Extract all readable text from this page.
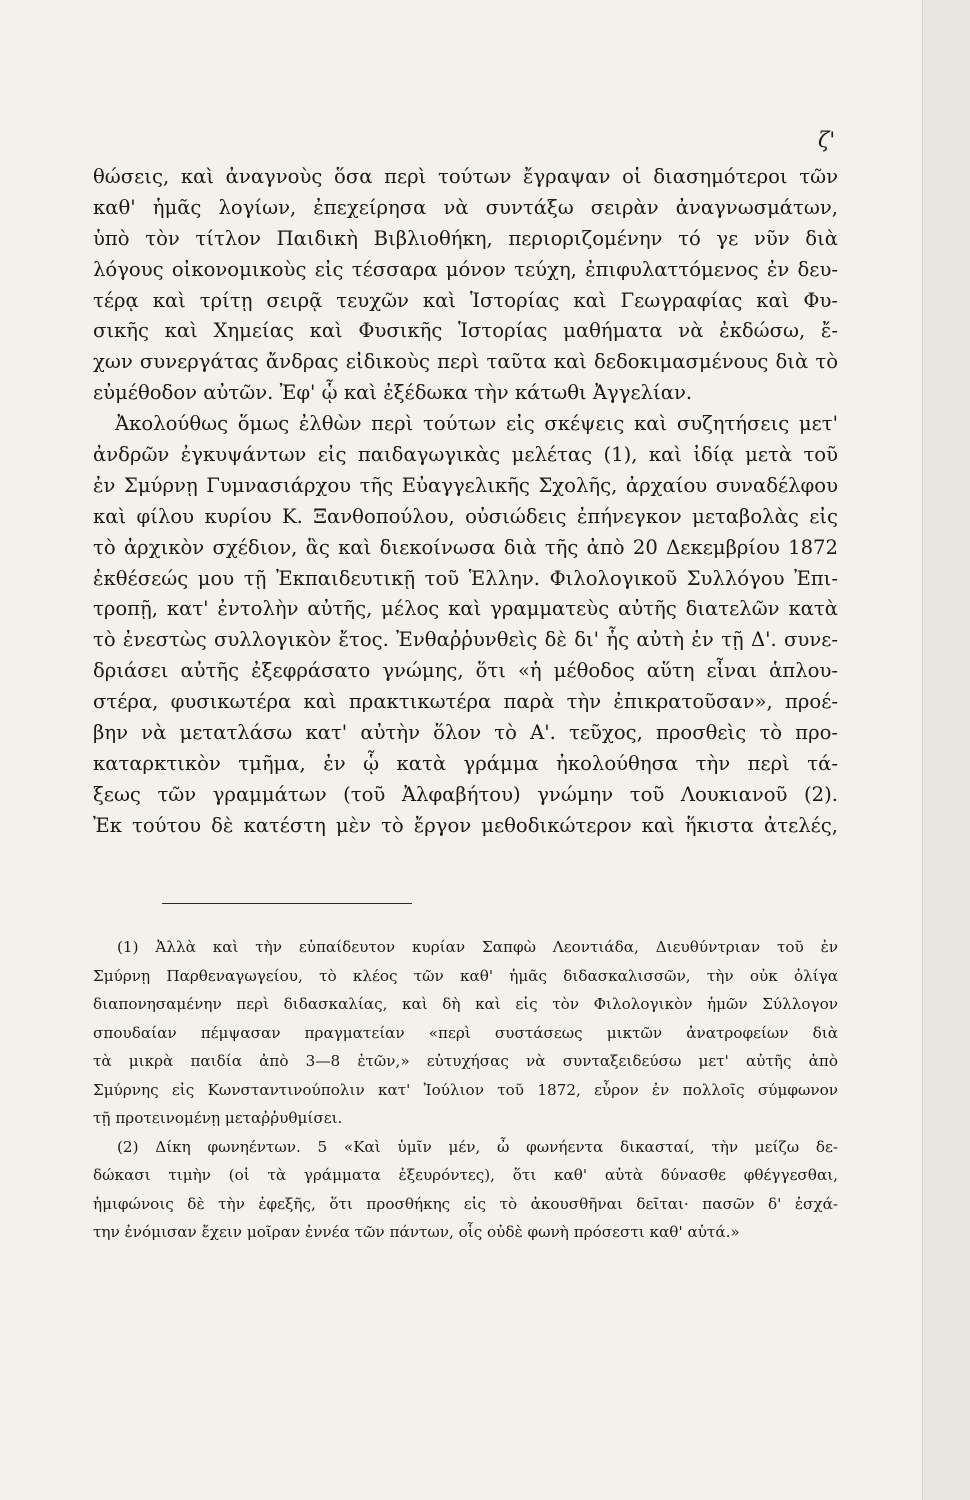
ζ'

θώσεις, καὶ ἀναγνοὺς ὅσα περὶ τούτων ἔγραψαν οἱ διασημότεροι τῶν
καθ' ἡμᾶς λογίων, ἐπεχείρησα νὰ συντάξω σειρὰν ἀναγνωσμάτων,
ὑπὸ τὸν τίτλον Παιδικὴ Βιβλιοθήκη, περιοριζομένην τό γε νῦν διὰ
λόγους οἰκονομικοὺς εἰς τέσσαρα μόνον τεύχη, ἐπιφυλαττόμενος ἐν δευ-
τέρᾳ καὶ τρίτῃ σειρᾷ τευχῶν καὶ Ἱστορίας καὶ Γεωγραφίας καὶ Φυ-
σικῆς καὶ Χημείας καὶ Φυσικῆς Ἱστορίας μαθήματα νὰ ἐκδώσω, ἔ-
χων συνεργάτας ἄνδρας εἰδικοὺς περὶ ταῦτα καὶ δεδοκιμασμένους διὰ τὸ
εὐμέθοδον αὐτῶν. Ἐφ' ᾧ καὶ ἐξέδωκα τὴν κάτωθι Ἀγγελίαν.
Ἀκολούθως ὅμως ἐλθὼν περὶ τούτων εἰς σκέψεις καὶ συζητήσεις μετ'
ἀνδρῶν ἐγκυψάντων εἰς παιδαγωγικὰς μελέτας (1), καὶ ἰδίᾳ μετὰ τοῦ
ἐν Σμύρνῃ Γυμνασιάρχου τῆς Εὐαγγελικῆς Σχολῆς, ἀρχαίου συναδέλφου
καὶ φίλου κυρίου Κ. Ξανθοπούλου, οὐσιώδεις ἐπήνεγκον μεταβολὰς εἰς
τὸ ἀρχικὸν σχέδιον, ἃς καὶ διεκοίνωσα διὰ τῆς ἀπὸ 20 Δεκεμβρίου 1872
ἐκθέσεώς μου τῇ Ἐκπαιδευτικῇ τοῦ Ἑλλην. Φιλολογικοῦ Συλλόγου Ἐπι-
τροπῇ, κατ' ἐντολὴν αὐτῆς, μέλος καὶ γραμματεὺς αὐτῆς διατελῶν κατὰ
τὸ ἐνεστὼς συλλογικὸν ἔτος. Ἐνθαῤῥυνθεὶς δὲ δι' ἧς αὐτὴ ἐν τῇ Δ'. συνε-
δριάσει αὐτῆς ἐξεφράσατο γνώμης, ὅτι «ἡ μέθοδος αὕτη εἶναι ἁπλου-
στέρα, φυσικωτέρα καὶ πρακτικωτέρα παρὰ τὴν ἐπικρατοῦσαν», προέ-
βην νὰ μετατλάσω κατ' αὐτὴν ὅλον τὸ Α'. τεῦχος, προσθεὶς τὸ προ-
καταρκτικὸν τμῆμα, ἐν ᾧ κατὰ γράμμα ἠκολούθησα τὴν περὶ τά-
ξεως τῶν γραμμάτων (τοῦ Ἀλφαβήτου) γνώμην τοῦ Λουκιανοῦ (2).
Ἐκ τούτου δὲ κατέστη μὲν τὸ ἔργον μεθοδικώτερον καὶ ἥκιστα ἀτελές,
(1) Ἀλλὰ καὶ τὴν εὐπαίδευτον κυρίαν Σαπφὼ Λεοντιάδα, Διευθύντριαν τοῦ ἐν
Σμύρνῃ Παρθεναγωγείου, τὸ κλέος τῶν καθ' ἡμᾶς διδασκαλισσῶν, τὴν οὐκ ὀλίγα
διαπονησαμένην περὶ διδασκαλίας, καὶ δὴ καὶ εἰς τὸν Φιλολογικὸν ἡμῶν Σύλλογον
σπουδαίαν πέμψασαν πραγματείαν «περὶ συστάσεως μικτῶν ἀνατροφείων διὰ
τὰ μικρὰ παιδία ἀπὸ 3—8 ἐτῶν,» εὐτυχήσας νὰ συνταξειδεύσω μετ' αὐτῆς ἀπὸ
Σμύρνης εἰς Κωνσταντινούπολιν κατ' Ἰούλιον τοῦ 1872, εὗρον ἐν πολλοῖς σύμφωνον
τῇ προτεινομένῃ μεταῤῥυθμίσει.
(2) Δίκη φωνηέντων. 5 «Καὶ ὑμῖν μέν, ὦ φωνήεντα δικασταί, τὴν μείζω δε-
δώκασι τιμὴν (οἱ τὰ γράμματα ἐξευρόντες), ὅτι καθ' αὑτὰ δύνασθε φθέγγεσθαι,
ἡμιφώνοις δὲ τὴν ἐφεξῆς, ὅτι προσθήκης εἰς τὸ ἀκουσθῆναι δεῖται· πασῶν δ' ἐσχά-
την ἐνόμισαν ἔχειν μοῖραν ἐννέα τῶν πάντων, οἷς οὐδὲ φωνὴ πρόσεστι καθ' αὑτά.»
